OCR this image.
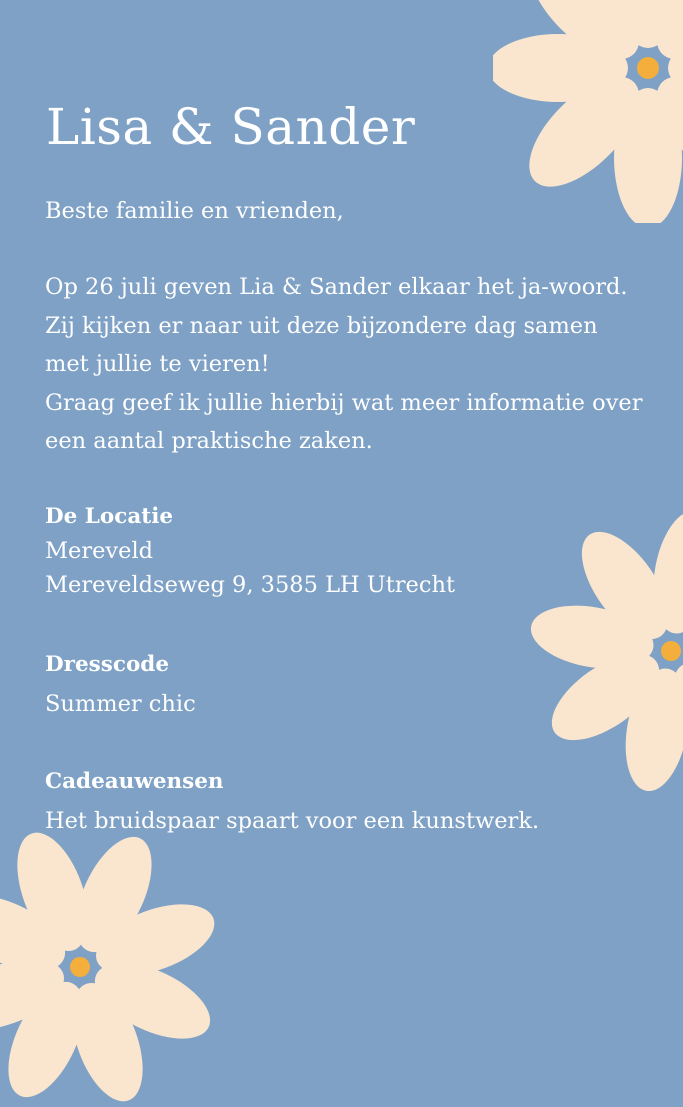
Lisa & Sander

Beste familie en vrienden,

Op 26 juli geven Lia & Sander elkaar het ja-woord.

Zij kijken er naar uit deze bijzondere dag samen

met jullie te vieren!

Graag geef ik jullie hierbij wat meer informatie over

een aantal praktische zaken.

De Locatie

Mereveld

Mereveldseweg 9, 3585 LH Utrecht

Dresscode

Summer chic

Cadeauwensen

Het bruidspaar spaart voor een kunstwerk.
